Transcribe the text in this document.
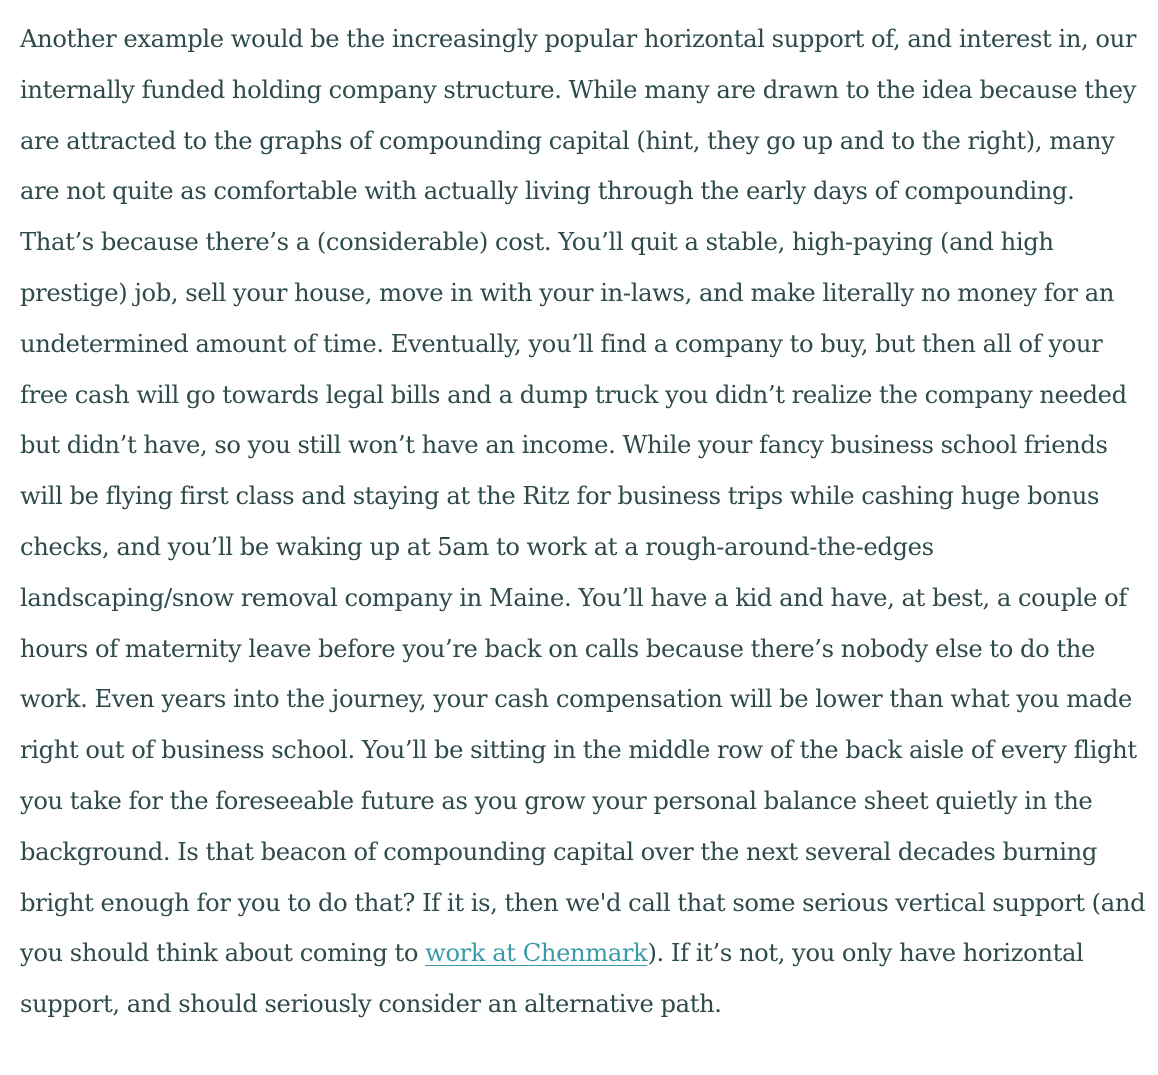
Another example would be the increasingly popular horizontal support of, and interest in, our internally funded holding company structure. While many are drawn to the idea because they are attracted to the graphs of compounding capital (hint, they go up and to the right), many are not quite as comfortable with actually living through the early days of compounding. That’s because there’s a (considerable) cost. You’ll quit a stable, high-paying (and high prestige) job, sell your house, move in with your in-laws, and make literally no money for an undetermined amount of time. Eventually, you’ll find a company to buy, but then all of your free cash will go towards legal bills and a dump truck you didn’t realize the company needed but didn’t have, so you still won’t have an income. While your fancy business school friends will be flying first class and staying at the Ritz for business trips while cashing huge bonus checks, and you’ll be waking up at 5am to work at a rough-around-the-edges landscaping/snow removal company in Maine. You’ll have a kid and have, at best, a couple of hours of maternity leave before you’re back on calls because there’s nobody else to do the work. Even years into the journey, your cash compensation will be lower than what you made right out of business school. You’ll be sitting in the middle row of the back aisle of every flight you take for the foreseeable future as you grow your personal balance sheet quietly in the background. Is that beacon of compounding capital over the next several decades burning bright enough for you to do that? If it is, then we'd call that some serious vertical support (and you should think about coming to work at Chenmark). If it’s not, you only have horizontal support, and should seriously consider an alternative path.
